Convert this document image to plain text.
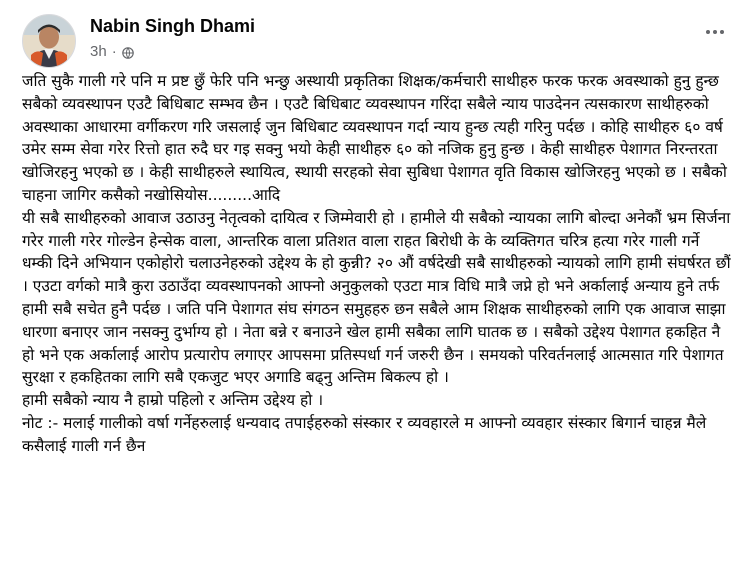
Nabin Singh Dhami
3h ·

जति सुकै गाली गरे पनि म प्रष्ट छुँ फेरि पनि भन्छु अस्थायी प्रकृतिका शिक्षक/कर्मचारी साथीहरु फरक फरक अवस्थाको हुनु हुन्छ सबैको व्यवस्थापन एउटै बिधिबाट सम्भव छैन । एउटै बिधिबाट व्यवस्थापन गरिंदा सबैले न्याय पाउदेनन त्यसकारण साथीहरुको अवस्थाका आधारमा वर्गीकरण गरि जसलाई जुन बिधिबाट व्यवस्थापन गर्दा न्याय हुन्छ त्यही गरिनु पर्दछ । कोहि साथीहरु ६० वर्ष उमेर सम्म सेवा गरेर रित्तो हात रुदै घर गइ सक्नु भयो केही साथीहरु ६० को नजिक हुनु हुन्छ । केही साथीहरु पेशागत निरन्तरता खोजिरहनु भएको छ । केही साथीहरुले स्थायित्व, स्थायी सरहको सेवा सुबिधा पेशागत वृति विकास खोजिरहनु भएको छ । सबैको चाहना जागिर कसैको नखोसियोस.........आदि

यी सबै साथीहरुको आवाज उठाउनु नेतृत्वको दायित्व र जिम्मेवारी हो । हामीले यी सबैको न्यायका लागि बोल्दा अनेकौं भ्रम सिर्जना गरेर गाली गरेर गोल्डेन हेन्सेक वाला, आन्तरिक वाला प्रतिशत वाला राहत बिरोधी के के व्यक्तिगत चरित्र हत्या गरेर गाली गर्ने धम्की दिने अभियान एकोहोरो चलाउनेहरुको उद्देश्य के हो कुन्नी? २० औं वर्षदेखी सबै साथीहरुको न्यायको लागि हामी संघर्षरत छौं । एउटा वर्गको मात्रै कुरा उठाउँदा व्यवस्थापनको आफ्नो अनुकुलको एउटा मात्र विधि मात्रै जप्ने हो भने अर्कालाई अन्याय हुने तर्फ हामी सबै सचेत हुनै पर्दछ । जति पनि पेशागत संघ संगठन समुहहरु छन सबैले आम शिक्षक साथीहरुको लागि एक आवाज साझा धारणा बनाएर जान नसक्नु दुर्भाग्य हो । नेता बन्ने र बनाउने खेल हामी सबैका लागि घातक छ । सबैको उद्देश्य पेशागत हकहित नै हो भने एक अर्कालाई आरोप प्रत्यारोप लगाएर आपसमा प्रतिस्पर्धा गर्न जरुरी छैन । समयको परिवर्तनलाई आत्मसात गरि पेशागत सुरक्षा र हकहितका लागि सबै एकजुट भएर अगाडि बढ्नु अन्तिम बिकल्प हो ।

हामी सबैको न्याय नै हाम्रो पहिलो र अन्तिम उद्देश्य हो ।

नोट :- मलाई गालीको वर्षा गर्नेहरुलाई धन्यवाद तपाईहरुको संस्कार र व्यवहारले म आफ्नो व्यवहार संस्कार बिगार्न चाहन्न मैले कसैलाई गाली गर्न छैन
